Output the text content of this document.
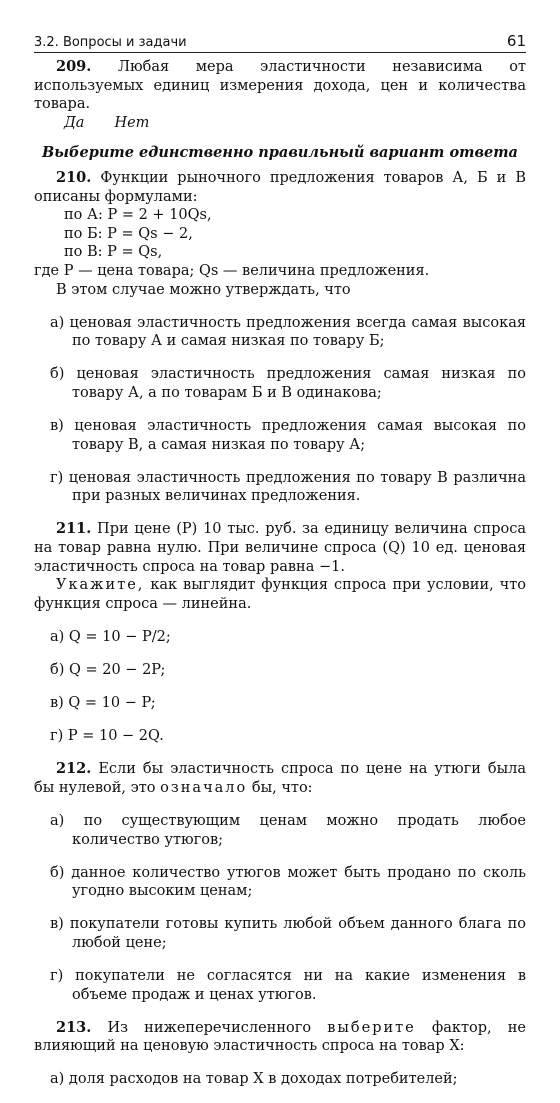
3.2. Вопросы и задачи	61

209. Любая мера эластичности независима от используемых единиц измерения дохода, цен и количества товара.

Да Нет

Выберите единственно правильный вариант ответа

210. Функции рыночного предложения товаров А, Б и В описаны формулами:

по А: P = 2 + 10Qs,

по Б: P = Qs − 2,

по В: P = Qs,

где P — цена товара; Qs — величина предложения.

В этом случае можно утверждать, что

а) ценовая эластичность предложения всегда самая высокая по товару А и самая низкая по товару Б;

б) ценовая эластичность предложения самая низкая по товару А, а по товарам Б и В одинакова;

в) ценовая эластичность предложения самая высокая по товару В, а самая низкая по товару А;

г) ценовая эластичность предложения по товару В различна при разных величинах предложения.

211. При цене (P) 10 тыс. руб. за единицу величина спроса на товар равна нулю. При величине спроса (Q) 10 ед. ценовая эластичность спроса на товар равна −1.

Укажите, как выглядит функция спроса при условии, что функция спроса — линейна.

а) Q = 10 − P/2;

б) Q = 20 − 2P;

в) Q = 10 − P;

г) P = 10 − 2Q.

212. Если бы эластичность спроса по цене на утюги была бы нулевой, это означало бы, что:

а) по существующим ценам можно продать любое количество утюгов;

б) данное количество утюгов может быть продано по сколь угодно высоким ценам;

в) покупатели готовы купить любой объем данного блага по любой цене;

г) покупатели не согласятся ни на какие изменения в объеме продаж и ценах утюгов.

213. Из нижеперечисленного выберите фактор, не влияющий на ценовую эластичность спроса на товар X:

а) доля расходов на товар X в доходах потребителей;
